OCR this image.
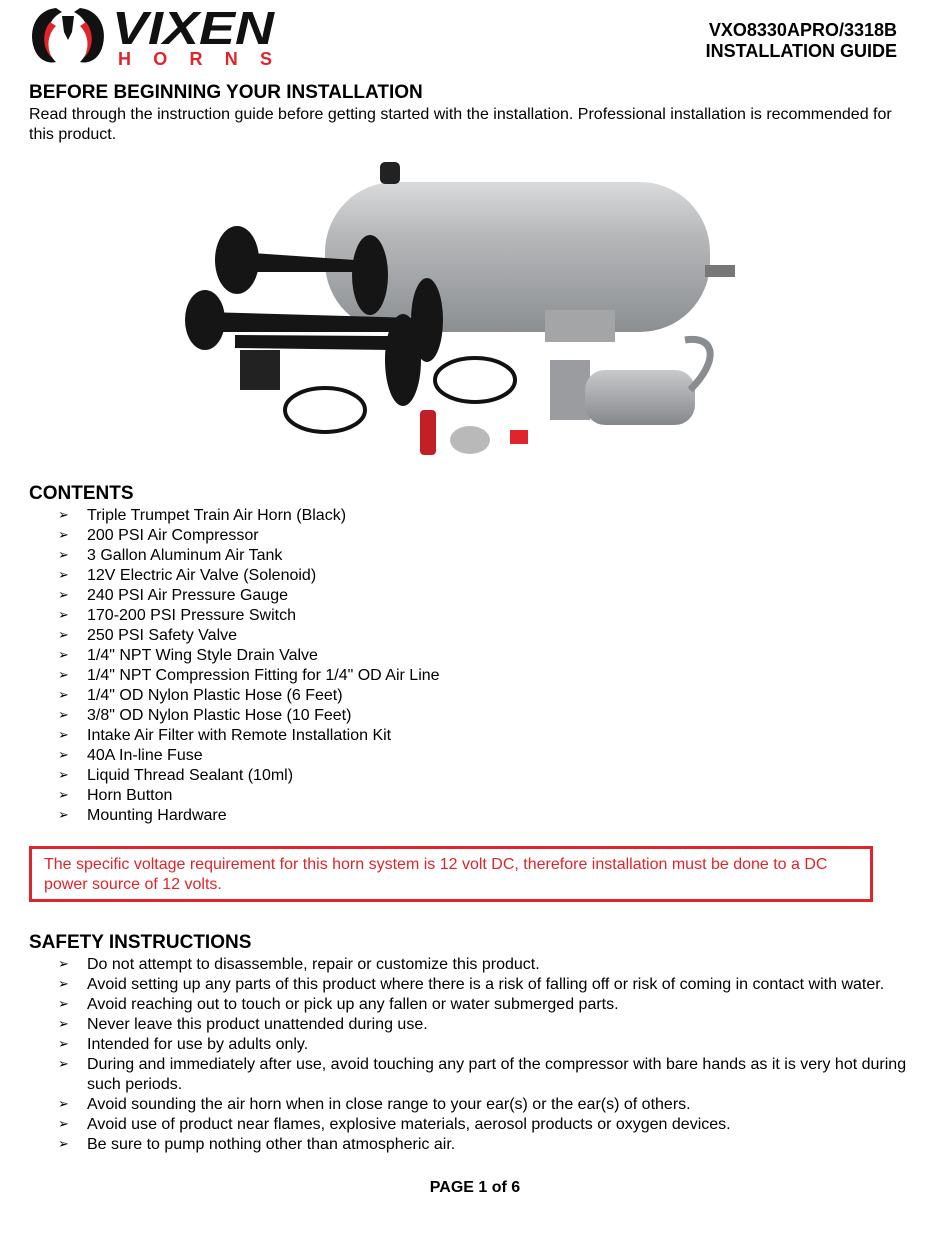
VIXEN
HORNS
VXO8330APRO/3318B
INSTALLATION GUIDE
BEFORE BEGINNING YOUR INSTALLATION

Read through the instruction guide before getting started with the installation. Professional installation is recommended for this product.

CONTENTS
➢ Triple Trumpet Train Air Horn (Black)
➢ 200 PSI Air Compressor
➢ 3 Gallon Aluminum Air Tank
➢ 12V Electric Air Valve (Solenoid)
➢ 240 PSI Air Pressure Gauge
➢ 170-200 PSI Pressure Switch
➢ 250 PSI Safety Valve
➢ 1/4" NPT Wing Style Drain Valve
➢ 1/4" NPT Compression Fitting for 1/4" OD Air Line
➢ 1/4" OD Nylon Plastic Hose (6 Feet)
➢ 3/8" OD Nylon Plastic Hose (10 Feet)
➢ Intake Air Filter with Remote Installation Kit
➢ 40A In-line Fuse
➢ Liquid Thread Sealant (10ml)
➢ Horn Button
➢ Mounting Hardware
The specific voltage requirement for this horn system is 12 volt DC, therefore installation must be done to a DC power source of 12 volts.
SAFETY INSTRUCTIONS
➢ Do not attempt to disassemble, repair or customize this product.
➢ Avoid setting up any parts of this product where there is a risk of falling off or risk of coming in contact with water.
➢ Avoid reaching out to touch or pick up any fallen or water submerged parts.
➢ Never leave this product unattended during use.
➢ Intended for use by adults only.
➢ During and immediately after use, avoid touching any part of the compressor with bare hands as it is very hot during such periods.
➢ Avoid sounding the air horn when in close range to your ear(s) or the ear(s) of others.
➢ Avoid use of product near flames, explosive materials, aerosol products or oxygen devices.
➢ Be sure to pump nothing other than atmospheric air.
PAGE 1 of 6
